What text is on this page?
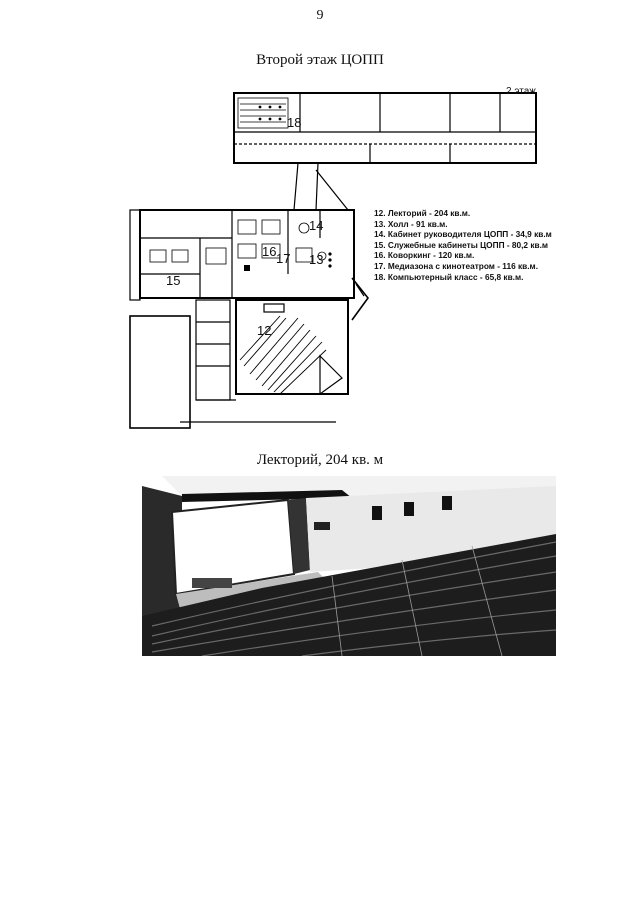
9
Второй этаж ЦОПП
2 этаж
18
14
16 17 13
15
12
12. Лекторий - 204 кв.м.
13. Холл - 91 кв.м.
14. Кабинет руководителя ЦОПП - 34,9 кв.м
15. Служебные кабинеты ЦОПП - 80,2 кв.м
16. Коворкинг - 120 кв.м.
17. Медиазона с кинотеатром - 116 кв.м.
18. Компьютерный класс - 65,8 кв.м.
Лекторий, 204 кв. м
